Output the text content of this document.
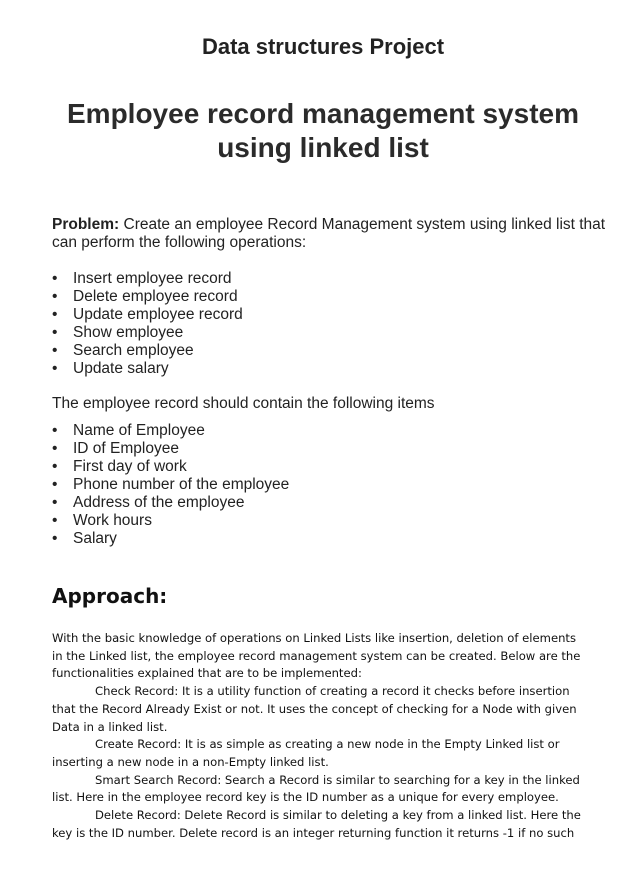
Data structures Project
Employee record management system using linked list
Problem: Create an employee Record Management system using linked list that can perform the following operations:
• Insert employee record
• Delete employee record
• Update employee record
• Show employee
• Search employee
• Update salary
The employee record should contain the following items
• Name of Employee
• ID of Employee
• First day of work
• Phone number of the employee
• Address of the employee
• Work hours
• Salary
Approach:

With the basic knowledge of operations on Linked Lists like insertion, deletion of elements in the Linked list, the employee record management system can be created. Below are the functionalities explained that are to be implemented:

Check Record: It is a utility function of creating a record it checks before insertion that the Record Already Exist or not. It uses the concept of checking for a Node with given Data in a linked list.

Create Record: It is as simple as creating a new node in the Empty Linked list or inserting a new node in a non-Empty linked list.

Smart Search Record: Search a Record is similar to searching for a key in the linked list. Here in the employee record key is the ID number as a unique for every employee.

Delete Record: Delete Record is similar to deleting a key from a linked list. Here the key is the ID number. Delete record is an integer returning function it returns -1 if no such
